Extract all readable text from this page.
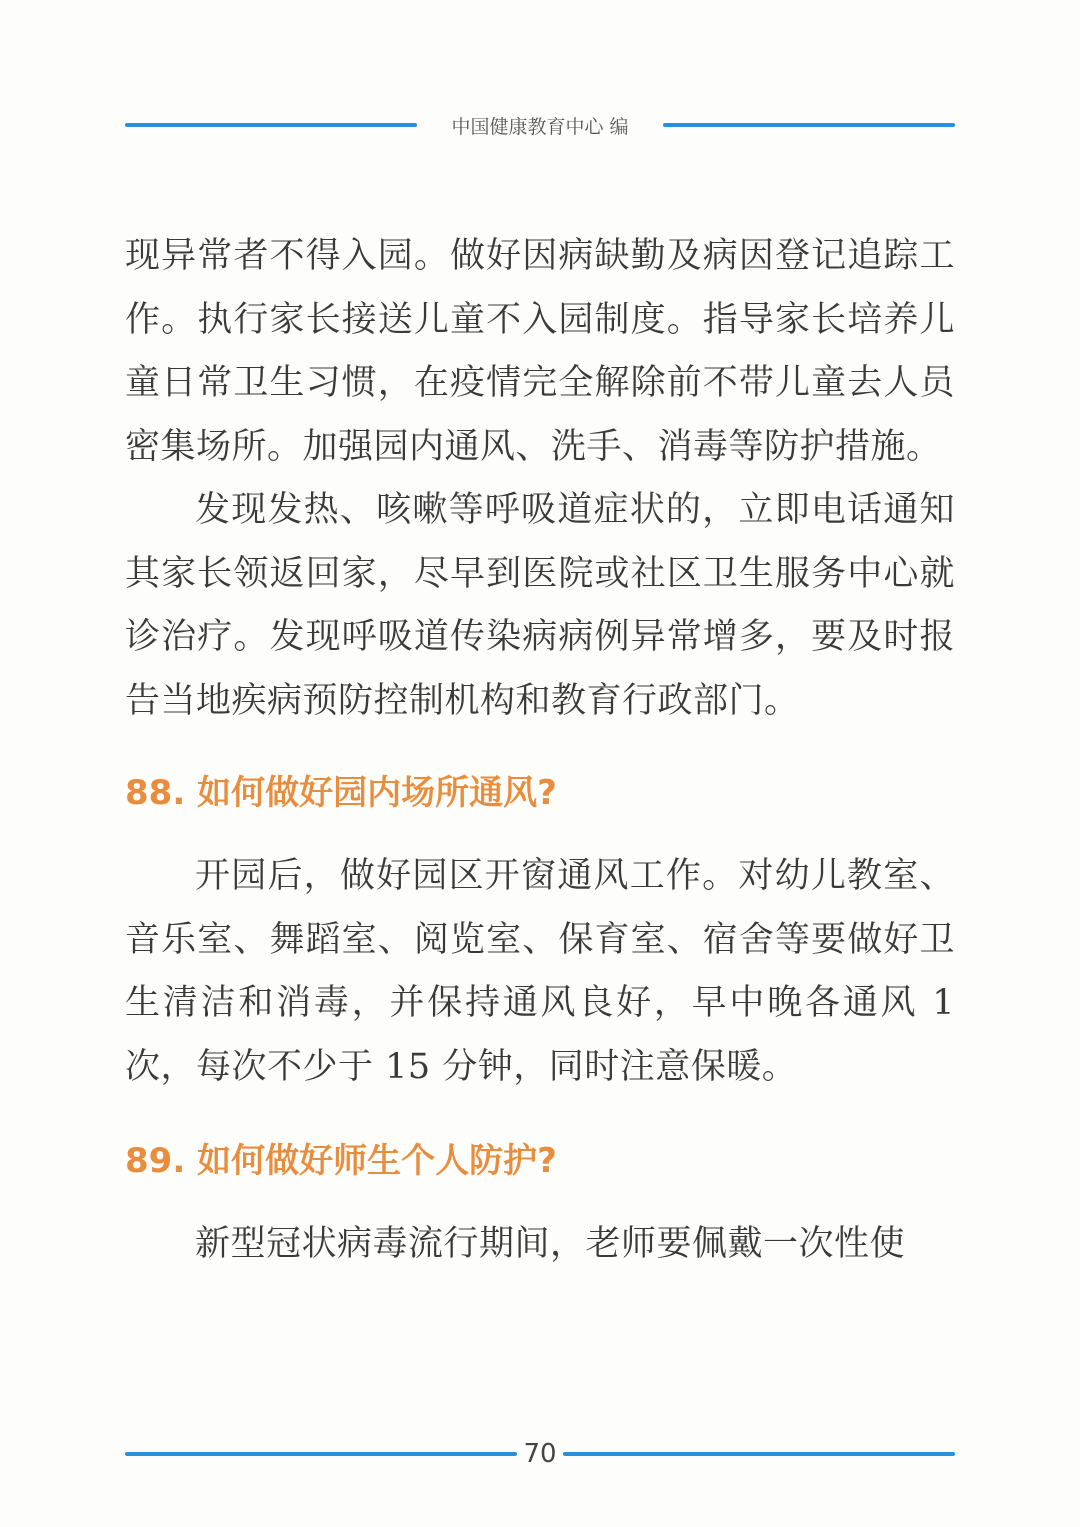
中国健康教育中心 编

现异常者不得入园。做好因病缺勤及病因登记追踪工作。执行家长接送儿童不入园制度。指导家长培养儿童日常卫生习惯，在疫情完全解除前不带儿童去人员密集场所。加强园内通风、洗手、消毒等防护措施。

发现发热、咳嗽等呼吸道症状的，立即电话通知其家长领返回家，尽早到医院或社区卫生服务中心就诊治疗。发现呼吸道传染病病例异常增多，要及时报告当地疾病预防控制机构和教育行政部门。

88. 如何做好园内场所通风?

开园后，做好园区开窗通风工作。对幼儿教室、音乐室、舞蹈室、阅览室、保育室、宿舍等要做好卫生清洁和消毒，并保持通风良好，早中晚各通风 1 次，每次不少于 15 分钟，同时注意保暖。

89. 如何做好师生个人防护?

新型冠状病毒流行期间，老师要佩戴一次性使

70
